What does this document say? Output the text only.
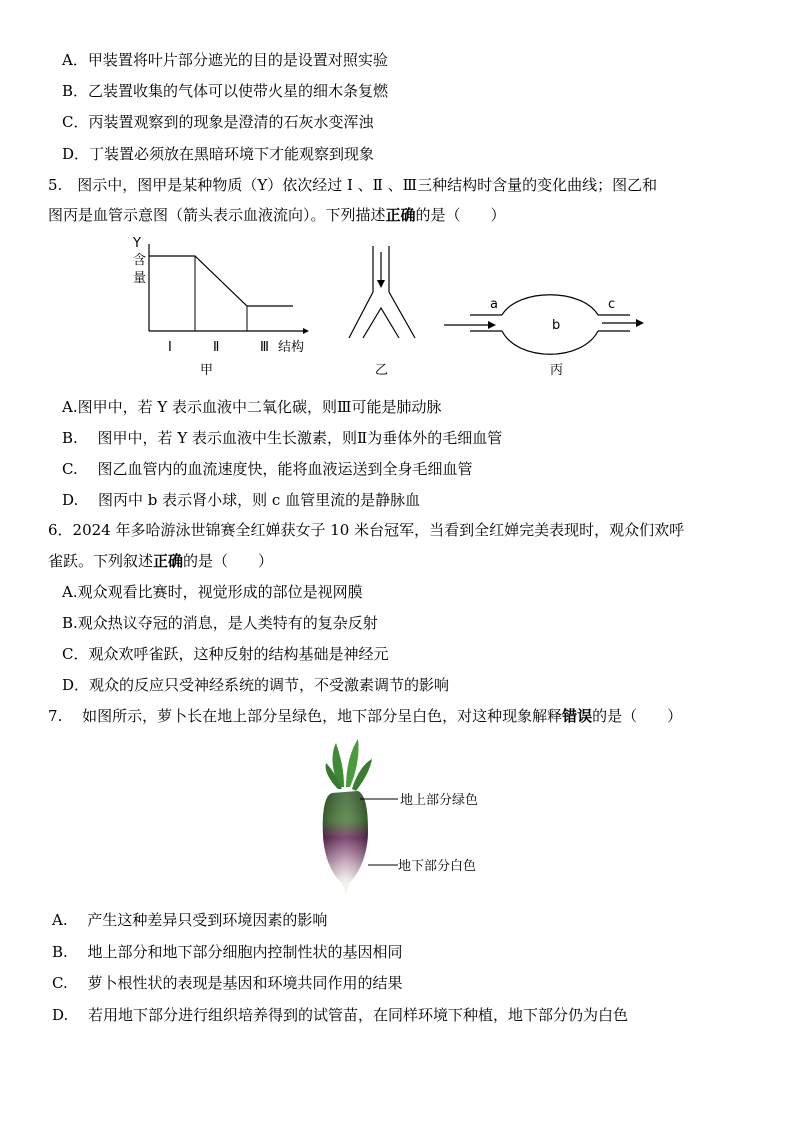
A．甲装置将叶片部分遮光的目的是设置对照实验
B．乙装置收集的气体可以使带火星的细木条复燃
C．丙装置观察到的现象是澄清的石灰水变浑浊
D．丁装置必须放在黑暗环境下才能观察到现象
5.　图示中，图甲是某种物质（Y）依次经过 Ⅰ 、Ⅱ 、Ⅲ三种结构时含量的变化曲线；图乙和
图丙是血管示意图（箭头表示血液流向）。下列描述正确的是（　　）
Y
含
量
Ⅰ	Ⅱ	Ⅲ 结构
甲	乙
a	c
b
丙
A.图甲中，若 Y 表示血液中二氧化碳，则Ⅲ可能是肺动脉
B.　 图甲中，若 Y 表示血液中生长激素，则Ⅱ为垂体外的毛细血管
C.　 图乙血管内的血流速度快，能将血液运送到全身毛细血管
D.　 图丙中 b 表示肾小球，则 c 血管里流的是静脉血
6．2024 年多哈游泳世锦赛全红婵获女子 10 米台冠军，当看到全红婵完美表现时，观众们欢呼
雀跃。下列叙述正确的是（　　）
A.观众观看比赛时，视觉形成的部位是视网膜
B.观众热议夺冠的消息，是人类特有的复杂反射
C．观众欢呼雀跃，这种反射的结构基础是神经元
D．观众的反应只受神经系统的调节，不受激素调节的影响
7.　 如图所示，萝卜长在地上部分呈绿色，地下部分呈白色，对这种现象解释错误的是（　　）
地上部分绿色
地下部分白色
A.　 产生这种差异只受到环境因素的影响
B.　 地上部分和地下部分细胞内控制性状的基因相同
C.　 萝卜根性状的表现是基因和环境共同作用的结果
D.　 若用地下部分进行组织培养得到的试管苗，在同样环境下种植，地下部分仍为白色
